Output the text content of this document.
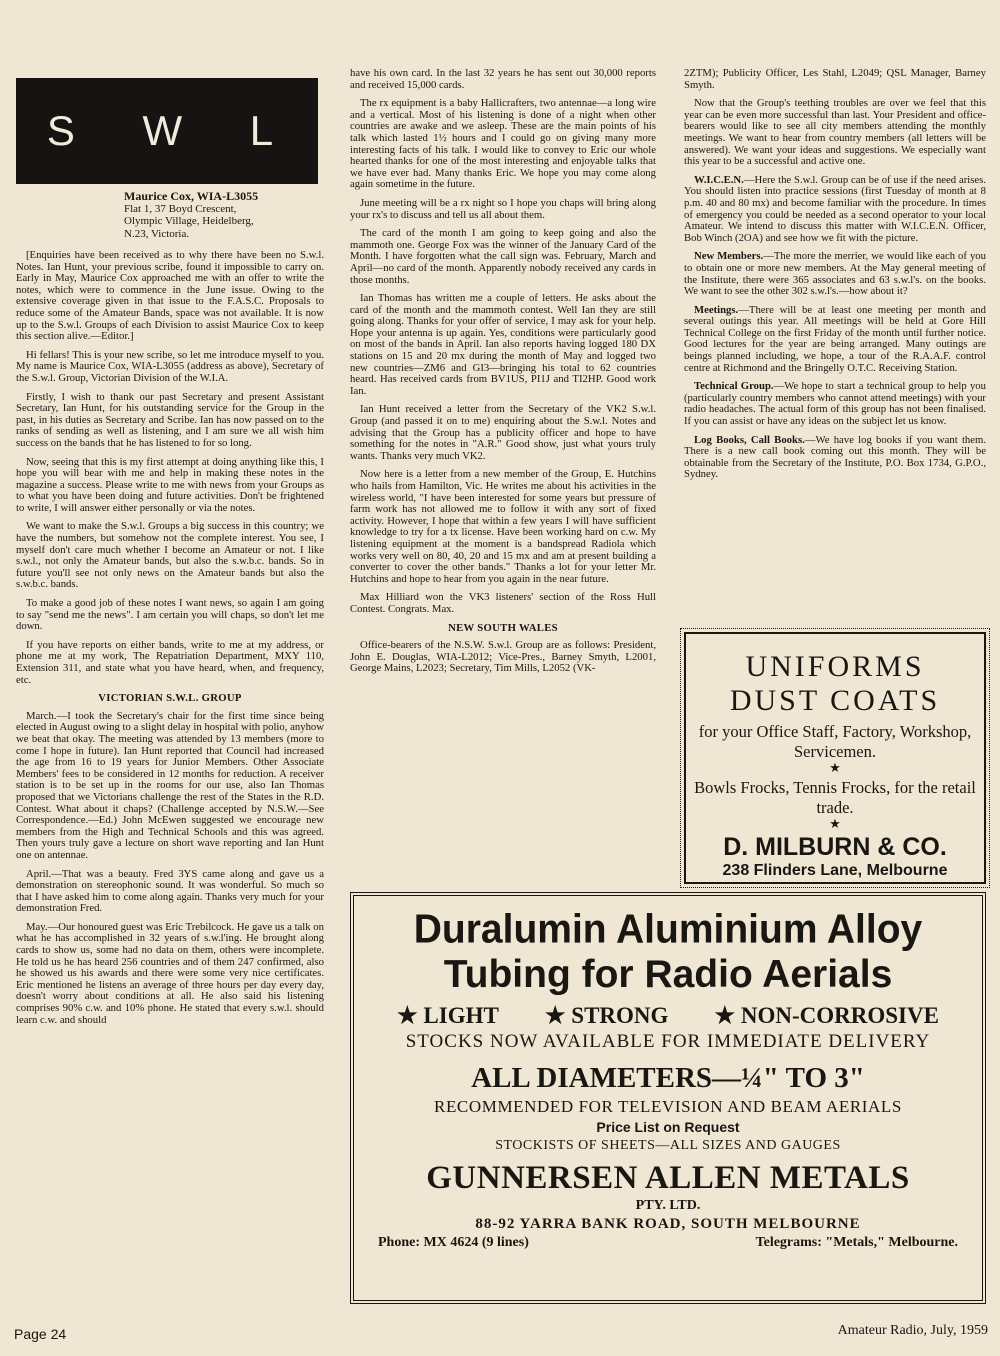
S W L
Maurice Cox, WIA-L3055
Flat 1, 37 Boyd Crescent,
Olympic Village, Heidelberg,
N.23, Victoria.

[Enquiries have been received as to why there have been no S.w.l. Notes. Ian Hunt, your previous scribe, found it impossible to carry on. Early in May, Maurice Cox approached me with an offer to write the notes, which were to commence in the June issue. Owing to the extensive coverage given in that issue to the F.A.S.C. Proposals to reduce some of the Amateur Bands, space was not available. It is now up to the S.w.l. Groups of each Division to assist Maurice Cox to keep this section alive.—Editor.]

Hi fellars! This is your new scribe, so let me introduce myself to you. My name is Maurice Cox, WIA-L3055 (address as above), Secretary of the S.w.l. Group, Victorian Division of the W.I.A.

Firstly, I wish to thank our past Secretary and present Assistant Secretary, Ian Hunt, for his outstanding service for the Group in the past, in his duties as Secretary and Scribe. Ian has now passed on to the ranks of sending as well as listening, and I am sure we all wish him success on the bands that he has listened to for so long.

Now, seeing that this is my first attempt at doing anything like this, I hope you will bear with me and help in making these notes in the magazine a success. Please write to me with news from your Groups as to what you have been doing and future activities. Don't be frightened to write, I will answer either personally or via the notes.

We want to make the S.w.l. Groups a big success in this country; we have the numbers, but somehow not the complete interest. You see, I myself don't care much whether I become an Amateur or not. I like s.w.l., not only the Amateur bands, but also the s.w.b.c. bands. So in future you'll see not only news on the Amateur bands but also the s.w.b.c. bands.

To make a good job of these notes I want news, so again I am going to say "send me the news". I am certain you will chaps, so don't let me down.

If you have reports on either bands, write to me at my address, or phone me at my work, The Repatriation Department, MXY 110, Extension 311, and state what you have heard, when, and frequency, etc.

VICTORIAN S.W.L. GROUP

March.—I took the Secretary's chair for the first time since being elected in August owing to a slight delay in hospital with polio, anyhow we beat that okay. The meeting was attended by 13 members (more to come I hope in future). Ian Hunt reported that Council had increased the age from 16 to 19 years for Junior Members. Other Associate Members' fees to be considered in 12 months for reduction. A receiver station is to be set up in the rooms for our use, also Ian Thomas proposed that we Victorians challenge the rest of the States in the R.D. Contest. What about it chaps? (Challenge accepted by N.S.W.—See Correspondence.—Ed.) John McEwen suggested we encourage new members from the High and Technical Schools and this was agreed. Then yours truly gave a lecture on short wave reporting and Ian Hunt one on antennae.

April.—That was a beauty. Fred 3YS came along and gave us a demonstration on stereophonic sound. It was wonderful. So much so that I have asked him to come along again. Thanks very much for your demonstration Fred.

May.—Our honoured guest was Eric Trebilcock. He gave us a talk on what he has accomplished in 32 years of s.w.l'ing. He brought along cards to show us, some had no data on them, others were incomplete. He told us he has heard 256 countries and of them 247 confirmed, also he showed us his awards and there were some very nice certificates. Eric mentioned he listens an average of three hours per day every day, doesn't worry about conditions at all. He also said his listening comprises 90% c.w. and 10% phone. He stated that every s.w.l. should learn c.w. and should

have his own card. In the last 32 years he has sent out 30,000 reports and received 15,000 cards.

The rx equipment is a baby Hallicrafters, two antennae—a long wire and a vertical. Most of his listening is done of a night when other countries are awake and we asleep. These are the main points of his talk which lasted 1½ hours and I could go on giving many more interesting facts of his talk. I would like to convey to Eric our whole hearted thanks for one of the most interesting and enjoyable talks that we have ever had. Many thanks Eric. We hope you may come along again sometime in the future.

June meeting will be a rx night so I hope you chaps will bring along your rx's to discuss and tell us all about them.

The card of the month I am going to keep going and also the mammoth one. George Fox was the winner of the January Card of the Month. I have forgotten what the call sign was. February, March and April—no card of the month. Apparently nobody received any cards in those months.

Ian Thomas has written me a couple of letters. He asks about the card of the month and the mammoth contest. Well Ian they are still going along. Thanks for your offer of service, I may ask for your help. Hope your antenna is up again. Yes, conditions were particularly good on most of the bands in April. Ian also reports having logged 180 DX stations on 15 and 20 mx during the month of May and logged two new countries—ZM6 and GI3—bringing his total to 62 countries heard. Has received cards from BV1US, PI1J and TI2HP. Good work Ian.

Ian Hunt received a letter from the Secretary of the VK2 S.w.l. Group (and passed it on to me) enquiring about the S.w.l. Notes and advising that the Group has a publicity officer and hope to have something for the notes in "A.R." Good show, just what yours truly wants. Thanks very much VK2.

Now here is a letter from a new member of the Group, E. Hutchins who hails from Hamilton, Vic. He writes me about his activities in the wireless world, "I have been interested for some years but pressure of farm work has not allowed me to follow it with any sort of fixed activity. However, I hope that within a few years I will have sufficient knowledge to try for a tx license. Have been working hard on c.w. My listening equipment at the moment is a bandspread Radiola which works very well on 80, 40, 20 and 15 mx and am at present building a converter to cover the other bands." Thanks a lot for your letter Mr. Hutchins and hope to hear from you again in the near future.

Max Hilliard won the VK3 listeners' section of the Ross Hull Contest. Congrats. Max.

NEW SOUTH WALES

Office-bearers of the N.S.W. S.w.l. Group are as follows: President, John E. Douglas, WIA-L2012; Vice-Pres., Barney Smyth, L2001, George Mains, L2023; Secretary, Tim Mills, L2052 (VK-

2ZTM); Publicity Officer, Les Stahl, L2049; QSL Manager, Barney Smyth.

Now that the Group's teething troubles are over we feel that this year can be even more successful than last. Your President and office-bearers would like to see all city members attending the monthly meetings. We want to hear from country members (all letters will be answered). We want your ideas and suggestions. We especially want this year to be a successful and active one.

W.I.C.E.N.—Here the S.w.l. Group can be of use if the need arises. You should listen into practice sessions (first Tuesday of month at 8 p.m. 40 and 80 mx) and become familiar with the procedure. In times of emergency you could be needed as a second operator to your local Amateur. We intend to discuss this matter with W.I.C.E.N. Officer, Bob Winch (2OA) and see how we fit with the picture.

New Members.—The more the merrier, we would like each of you to obtain one or more new members. At the May general meeting of the Institute, there were 365 associates and 63 s.w.l's. on the books. We want to see the other 302 s.w.l's.—how about it?

Meetings.—There will be at least one meeting per month and several outings this year. All meetings will be held at Gore Hill Technical College on the first Friday of the month until further notice. Good lectures for the year are being arranged. Many outings are beings planned including, we hope, a tour of the R.A.A.F. control centre at Richmond and the Bringelly O.T.C. Receiving Station.

Technical Group.—We hope to start a technical group to help you (particularly country members who cannot attend meetings) with your radio headaches. The actual form of this group has not been finalised. If you can assist or have any ideas on the subject let us know.

Log Books, Call Books.—We have log books if you want them. There is a new call book coming out this month. They will be obtainable from the Secretary of the Institute, P.O. Box 1734, G.P.O., Sydney.

UNIFORMS
DUST COATS
for your Office Staff, Factory, Workshop, Servicemen.
★
Bowls Frocks, Tennis Frocks, for the retail trade.
★
D. MILBURN & CO.
238 Flinders Lane, Melbourne
Duralumin Aluminium Alloy
Tubing for Radio Aerials
★ LIGHT ★ STRONG ★ NON-CORROSIVE
STOCKS NOW AVAILABLE FOR IMMEDIATE DELIVERY
ALL DIAMETERS—¼" TO 3"
RECOMMENDED FOR TELEVISION AND BEAM AERIALS
Price List on Request
STOCKISTS OF SHEETS—ALL SIZES AND GAUGES
GUNNERSEN ALLEN METALS
PTY. LTD.
88-92 YARRA BANK ROAD, SOUTH MELBOURNE
Phone: MX 4624 (9 lines)	Telegrams: "Metals," Melbourne.
Page 24	Amateur Radio, July, 1959
